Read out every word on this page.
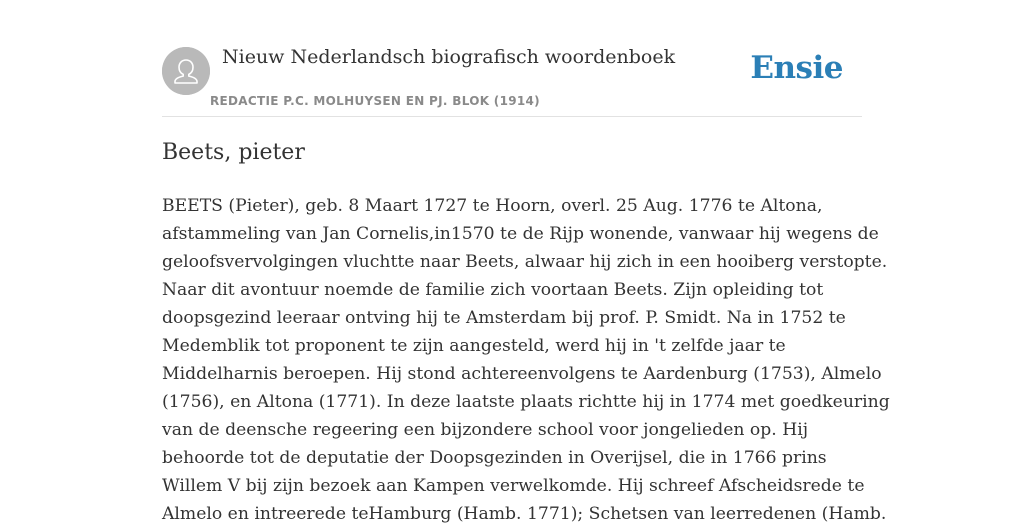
Nieuw Nederlandsch biografisch woordenboek
REDACTIE P.C. MOLHUYSEN EN PJ. BLOK (1914)
Ensie
Beets, pieter

BEETS (Pieter), geb. 8 Maart 1727 te Hoorn, overl. 25 Aug. 1776 te Altona,
afstammeling van Jan Cornelis,in1570 te de Rijp wonende, vanwaar hij wegens de
geloofsvervolgingen vluchtte naar Beets, alwaar hij zich in een hooiberg verstopte.
Naar dit avontuur noemde de familie zich voortaan Beets. Zijn opleiding tot
doopsgezind leeraar ontving hij te Amsterdam bij prof. P. Smidt. Na in 1752 te
Medemblik tot proponent te zijn aangesteld, werd hij in 't zelfde jaar te
Middelharnis beroepen. Hij stond achtereenvolgens te Aardenburg (1753), Almelo
(1756), en Altona (1771). In deze laatste plaats richtte hij in 1774 met goedkeuring
van de deensche regeering een bijzondere school voor jongelieden op. Hij
behoorde tot de deputatie der Doopsgezinden in Overijsel, die in 1766 prins
Willem V bij zijn bezoek aan Kampen verwelkomde. Hij schreef Afscheidsrede te
Almelo en intreerede teHamburg (Hamb. 1771); Schetsen van leerredenen (Hamb.
